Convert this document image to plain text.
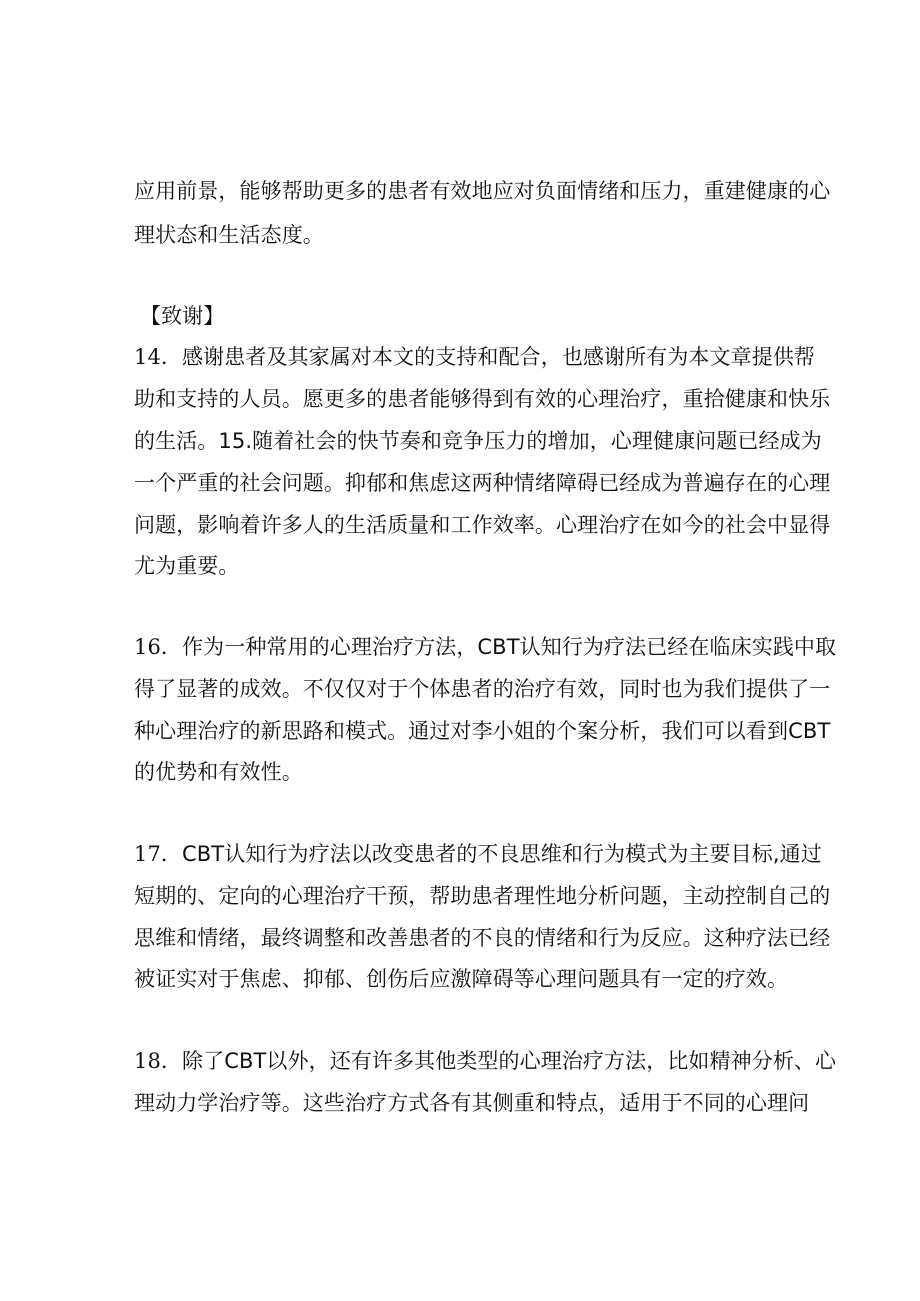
应用前景，能够帮助更多的患者有效地应对负面情绪和压力，重建健康的心
理状态和生活态度。
【致谢】
14．感谢患者及其家属对本文的支持和配合，也感谢所有为本文章提供帮
助和支持的人员。愿更多的患者能够得到有效的心理治疗，重拾健康和快乐
的生活。15.随着社会的快节奏和竞争压力的增加，心理健康问题已经成为
一个严重的社会问题。抑郁和焦虑这两种情绪障碍已经成为普遍存在的心理
问题，影响着许多人的生活质量和工作效率。心理治疗在如今的社会中显得
尤为重要。
16．作为一种常用的心理治疗方法，CBT认知行为疗法已经在临床实践中取
得了显著的成效。不仅仅对于个体患者的治疗有效，同时也为我们提供了一
种心理治疗的新思路和模式。通过对李小姐的个案分析，我们可以看到CBT
的优势和有效性。
17．CBT认知行为疗法以改变患者的不良思维和行为模式为主要目标,通过
短期的、定向的心理治疗干预，帮助患者理性地分析问题，主动控制自己的
思维和情绪，最终调整和改善患者的不良的情绪和行为反应。这种疗法已经
被证实对于焦虑、抑郁、创伤后应激障碍等心理问题具有一定的疗效。
18．除了CBT以外，还有许多其他类型的心理治疗方法，比如精神分析、心
理动力学治疗等。这些治疗方式各有其侧重和特点，适用于不同的心理问
